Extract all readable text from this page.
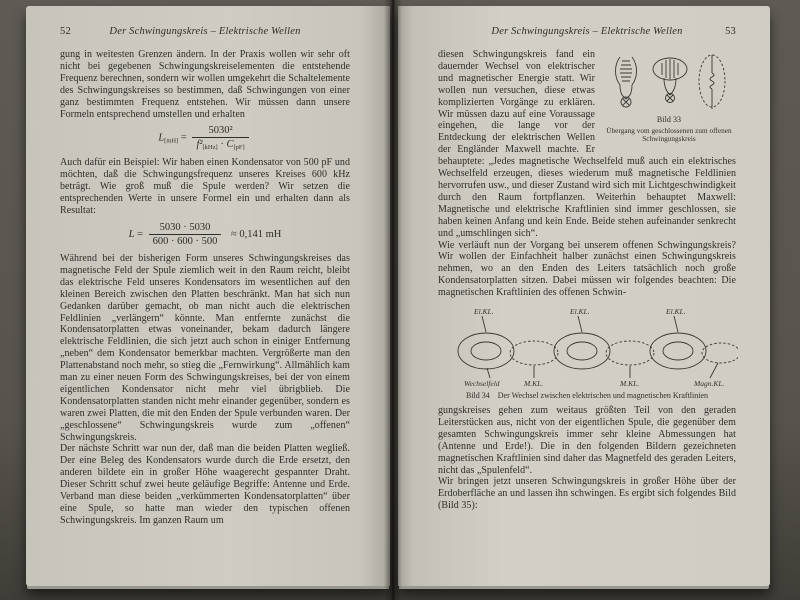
52	Der Schwingungskreis – Elektrische Wellen

gung in weitesten Grenzen ändern. In der Praxis wollen wir sehr oft nicht bei gegebenen Schwingungskreiselementen die entstehende Frequenz berechnen, sondern wir wollen umgekehrt die Schaltelemente des Schwingungskreises so bestimmen, daß Schwingungen von einer ganz bestimmten Frequenz entstehen. Wir müssen dann unsere Formeln entsprechend umstellen und erhalten

$L_{[mH]} = \frac{\text{5030²}}{f^2_{[kHz]} \cdot C_{[pF]}}$

Auch dafür ein Beispiel: Wir haben einen Kondensator von 500 pF und möchten, daß die Schwingungsfrequenz unseres Kreises 600 kHz beträgt. Wie groß muß die Spule werden? Wir setzen die entsprechenden Werte in unsere Formel ein und erhalten dann als Resultat:

$L = \frac{5030 \cdot 5030}{600 \cdot 600 \cdot 500} \approx 0,141$ mH

Während bei der bisherigen Form unseres Schwingungskreises das magnetische Feld der Spule ziemlich weit in den Raum reicht, bleibt das elektrische Feld unseres Kondensators im wesentlichen auf den kleinen Bereich zwischen den Platten beschränkt. Man hat sich nun Gedanken darüber gemacht, ob man nicht auch die elektrischen Feldlinien „verlängern“ könnte. Man entfernte zunächst die Kondensatorplatten etwas voneinander, bekam dadurch längere elektrische Feldlinien, die sich jetzt auch schon in einiger Entfernung „neben“ dem Kondensator bemerkbar machten. Vergrößerte man den Plattenabstand noch mehr, so stieg die „Fernwirkung“. Allmählich kam man zu einer neuen Form des Schwingungskreises, bei der von einem eigentlichen Kondensator nicht mehr viel übrigblieb. Die Kondensatorplatten standen nicht mehr einander gegenüber, sondern es waren zwei Platten, die mit den Enden der Spule verbunden waren. Der „geschlossene“ Schwingungskreis wurde zum „offenen“ Schwingungskreis.

Der nächste Schritt war nun der, daß man die beiden Platten wegließ. Der eine Beleg des Kondensators wurde durch die Erde ersetzt, den anderen bildete ein in großer Höhe waagerecht gespannter Draht. Dieser Schritt schuf zwei heute geläufige Begriffe: Antenne und Erde. Verband man diese beiden „verkümmerten Kondensatorplatten“ über eine Spule, so hatte man wieder den typischen offenen Schwingungskreis. Im ganzen Raum um

Der Schwingungskreis – Elektrische Wellen	53
Bild 33
Übergang vom geschlossenen zum offenen Schwingungskreis
diesen Schwingungskreis fand ein dauernder Wechsel von elektrischer und magnetischer Energie statt. Wir wollen nun versuchen, diese etwas komplizierten Vorgänge zu erklären. Wir müssen dazu auf eine Voraussage eingehen, die lange vor der Entdeckung der elektrischen Wellen der Engländer Maxwell machte. Er behauptete: „Jedes magnetische Wechselfeld muß auch ein elektrisches Wechselfeld erzeugen, dieses wiederum muß magnetische Feldlinien hervorrufen usw., und dieser Zustand wird sich mit Lichtgeschwindigkeit durch den Raum fortpflanzen. Weiterhin behauptet Maxwell: Magnetische und elektrische Kraftlinien sind immer geschlossen, sie haben keinen Anfang und kein Ende. Beide stehen aufeinander senkrecht und „umschlingen sich“.

Wie verläuft nun der Vorgang bei unserem offenen Schwingungskreis? Wir wollen der Einfachheit halber zunächst einen Schwingungskreis nehmen, wo an den Enden des Leiters tatsächlich noch große Kondensatorplatten sitzen. Dabei müssen wir folgendes beachten: Die magnetischen Kraftlinien des offenen Schwin-

El.KL.	El.KL.	El.KL.
Wechselfeld	M.KL.	M.KL.	Magn.KL.
Bild 34 Der Wechsel zwischen elektrischen und magnetischen Kraftlinien

gungskreises gehen zum weitaus größten Teil von den geraden Leiterstücken aus, nicht von der eigentlichen Spule, die gegenüber dem gesamten Schwingungskreis immer sehr kleine Abmessungen hat (Antenne und Erde!). Die in den folgenden Bildern gezeichneten magnetischen Kraftlinien sind daher das Magnetfeld des geraden Leiters, nicht das „Spulenfeld“.

Wir bringen jetzt unseren Schwingungskreis in großer Höhe über der Erdoberfläche an und lassen ihn schwingen. Es ergibt sich folgendes Bild (Bild 35):
